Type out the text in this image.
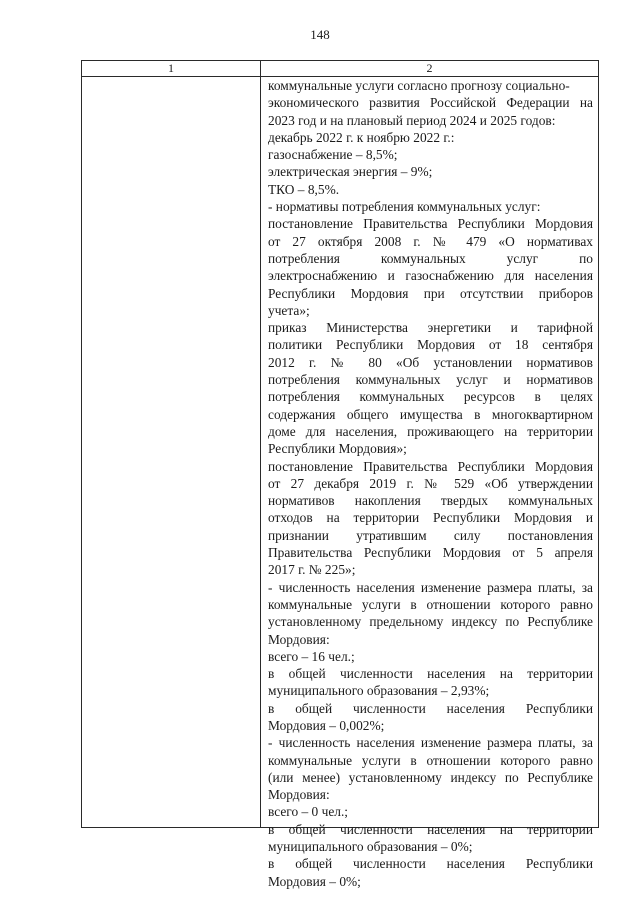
148
1	2
коммунальные услуги согласно прогнозу социально-
экономического развития Российской Федерации на
2023 год и на плановый период 2024 и 2025 годов:
декабрь 2022 г. к ноябрю 2022 г.:
газоснабжение – 8,5%;
электрическая энергия – 9%;
ТКО – 8,5%.
- нормативы потребления коммунальных услуг:
постановление Правительства Республики Мордовия
от 27 октября 2008 г. № 479 «О нормативах
потребления коммунальных услуг по
электроснабжению и газоснабжению для населения
Республики Мордовия при отсутствии приборов
учета»;
приказ Министерства энергетики и тарифной
политики Республики Мордовия от 18 сентября
2012 г. № 80 «Об установлении нормативов
потребления коммунальных услуг и нормативов
потребления коммунальных ресурсов в целях
содержания общего имущества в многоквартирном
доме для населения, проживающего на территории
Республики Мордовия»;
постановление Правительства Республики Мордовия
от 27 декабря 2019 г. № 529 «Об утверждении
нормативов накопления твердых коммунальных
отходов на территории Республики Мордовия и
признании утратившим силу постановления
Правительства Республики Мордовия от 5 апреля
2017 г. № 225»;
- численность населения изменение размера платы, за
коммунальные услуги в отношении которого равно
установленному предельному индексу по Республике
Мордовия:
всего – 16 чел.;
в общей численности населения на территории
муниципального образования – 2,93%;
в общей численности населения Республики
Мордовия – 0,002%;
- численность населения изменение размера платы, за
коммунальные услуги в отношении которого равно
(или менее) установленному индексу по Республике
Мордовия:
всего – 0 чел.;
в общей численности населения на территории
муниципального образования – 0%;
в общей численности населения Республики
Мордовия – 0%;
